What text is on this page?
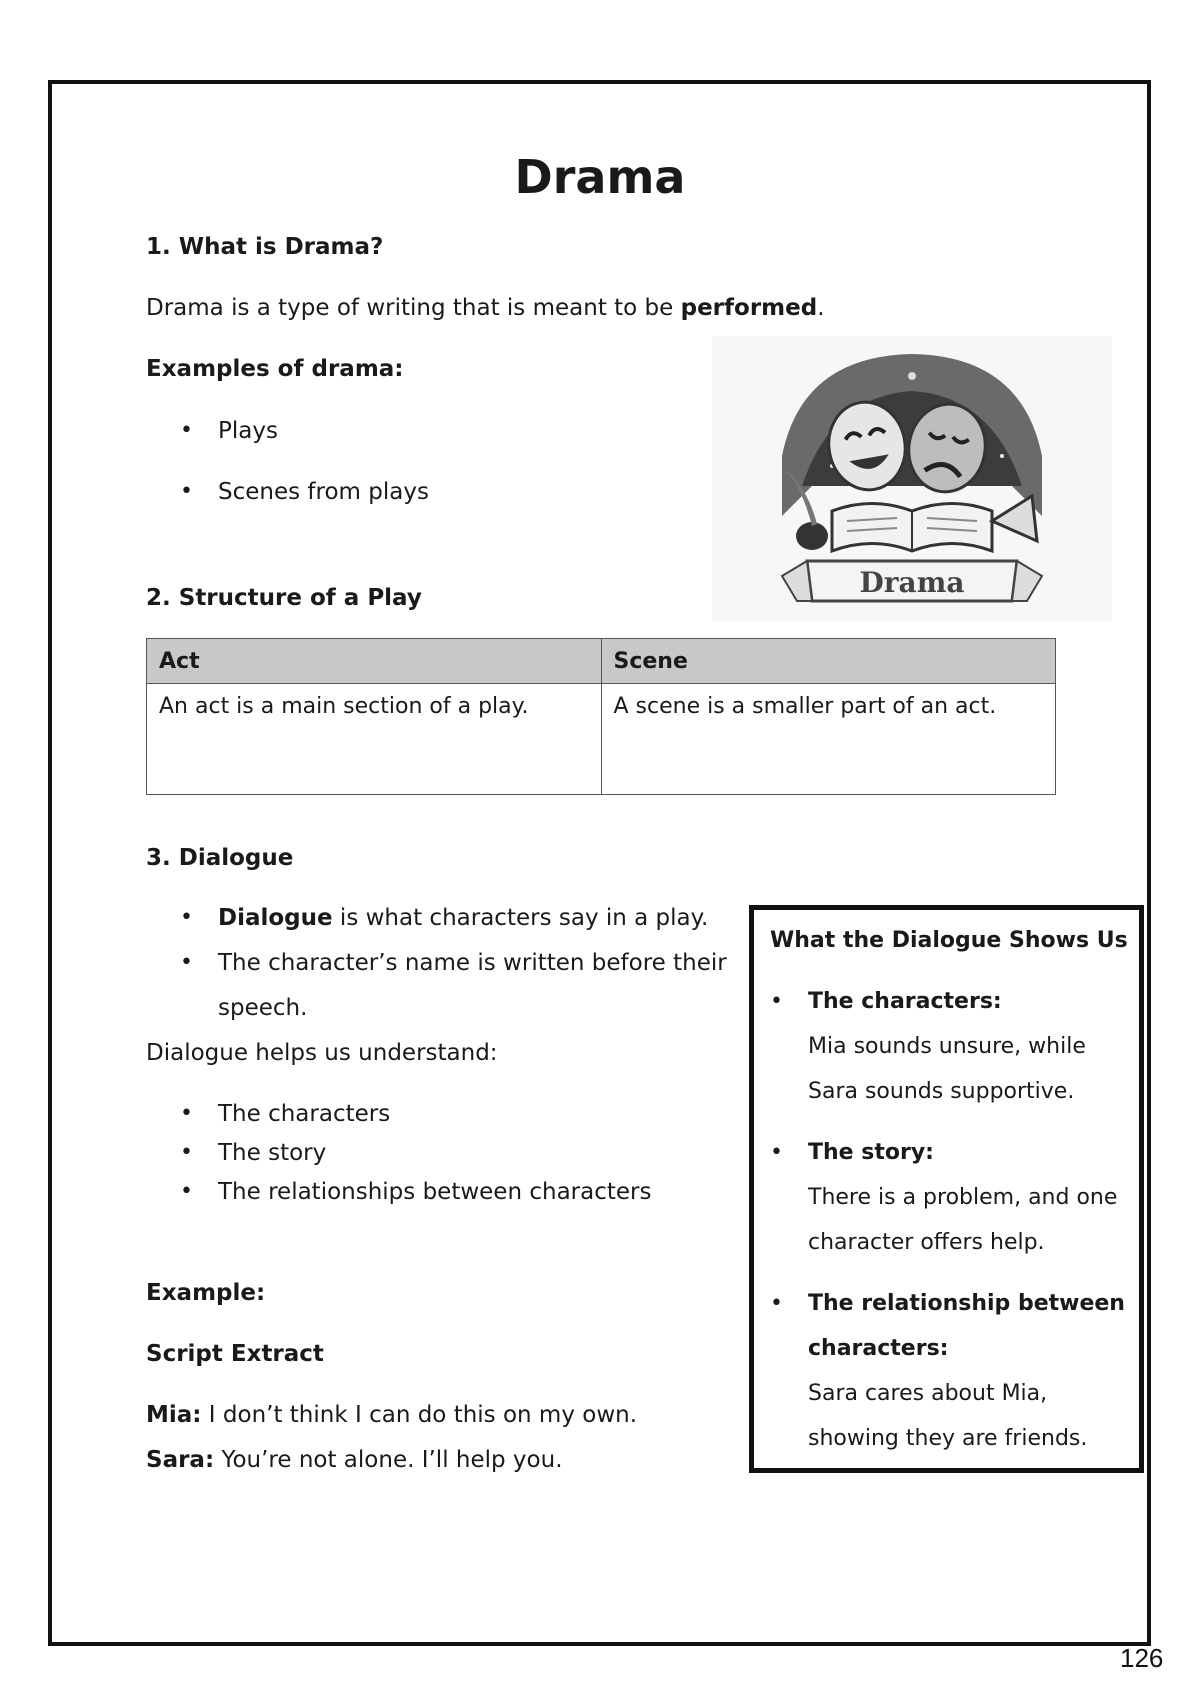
Drama
1. What is Drama?
Drama is a type of writing that is meant to be performed.
Examples of drama:
• Plays
• Scenes from plays
Drama
2. Structure of a Play
Act	Scene
An act is a main section of a play.	A scene is a smaller part of an act.
3. Dialogue
• Dialogue is what characters say in a play.
• The character’s name is written before their
speech.
Dialogue helps us understand:
• The characters
• The story
• The relationships between characters
Example:
Script Extract
Mia: I don’t think I can do this on my own.
Sara: You’re not alone. I’ll help you.
What the Dialogue Shows Us
• The characters:
Mia sounds unsure, while
Sara sounds supportive.
• The story:
There is a problem, and one
character offers help.
• The relationship between
characters:
Sara cares about Mia,
showing they are friends.
126
